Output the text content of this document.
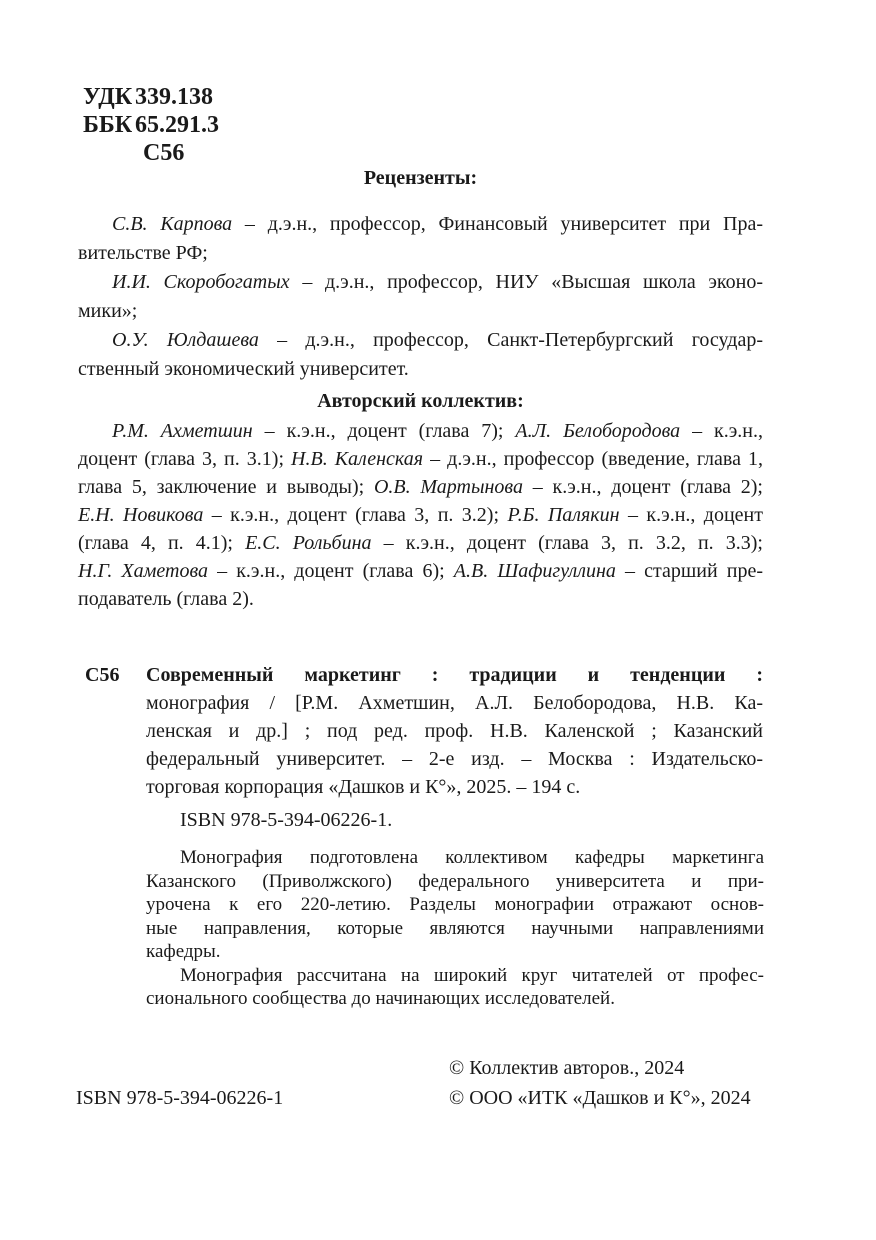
УДК 339.138
ББК 65.291.3
С56
Рецензенты:
С.В. Карпова – д.э.н., профессор, Финансовый университет при Пра-
вительстве РФ;
И.И. Скоробогатых – д.э.н., профессор, НИУ «Высшая школа эконо-
мики»;
О.У. Юлдашева – д.э.н., профессор, Санкт-Петербургский государ-
ственный экономический университет.
Авторский коллектив:
Р.М. Ахметшин – к.э.н., доцент (глава 7); А.Л. Белобородова – к.э.н.,
доцент (глава 3, п. 3.1); Н.В. Каленская – д.э.н., профессор (введение, глава 1,
глава 5, заключение и выводы); О.В. Мартынова – к.э.н., доцент (глава 2);
Е.Н. Новикова – к.э.н., доцент (глава 3, п. 3.2); Р.Б. Палякин – к.э.н., доцент
(глава 4, п. 4.1); Е.С. Рольбина – к.э.н., доцент (глава 3, п. 3.2, п. 3.3);
Н.Г. Хаметова – к.э.н., доцент (глава 6); А.В. Шафигуллина – старший пре-
подаватель (глава 2).
С56 Современный маркетинг : традиции и тенденции :
монография / [Р.М. Ахметшин, А.Л. Белобородова, Н.В. Ка-
ленская и др.] ; под ред. проф. Н.В. Каленской ; Казанский
федеральный университет. – 2-е изд. – Москва : Издательско-
торговая корпорация «Дашков и К°», 2025. – 194 с.
ISBN 978-5-394-06226-1.
Монография подготовлена коллективом кафедры маркетинга
Казанского (Приволжского) федерального университета и при-
урочена к его 220-летию. Разделы монографии отражают основ-
ные направления, которые являются научными направлениями
кафедры.
Монография рассчитана на широкий круг читателей от профес-
сионального сообщества до начинающих исследователей.
ISBN 978-5-394-06226-1
© Коллектив авторов., 2024
© ООО «ИТК «Дашков и К°», 2024
